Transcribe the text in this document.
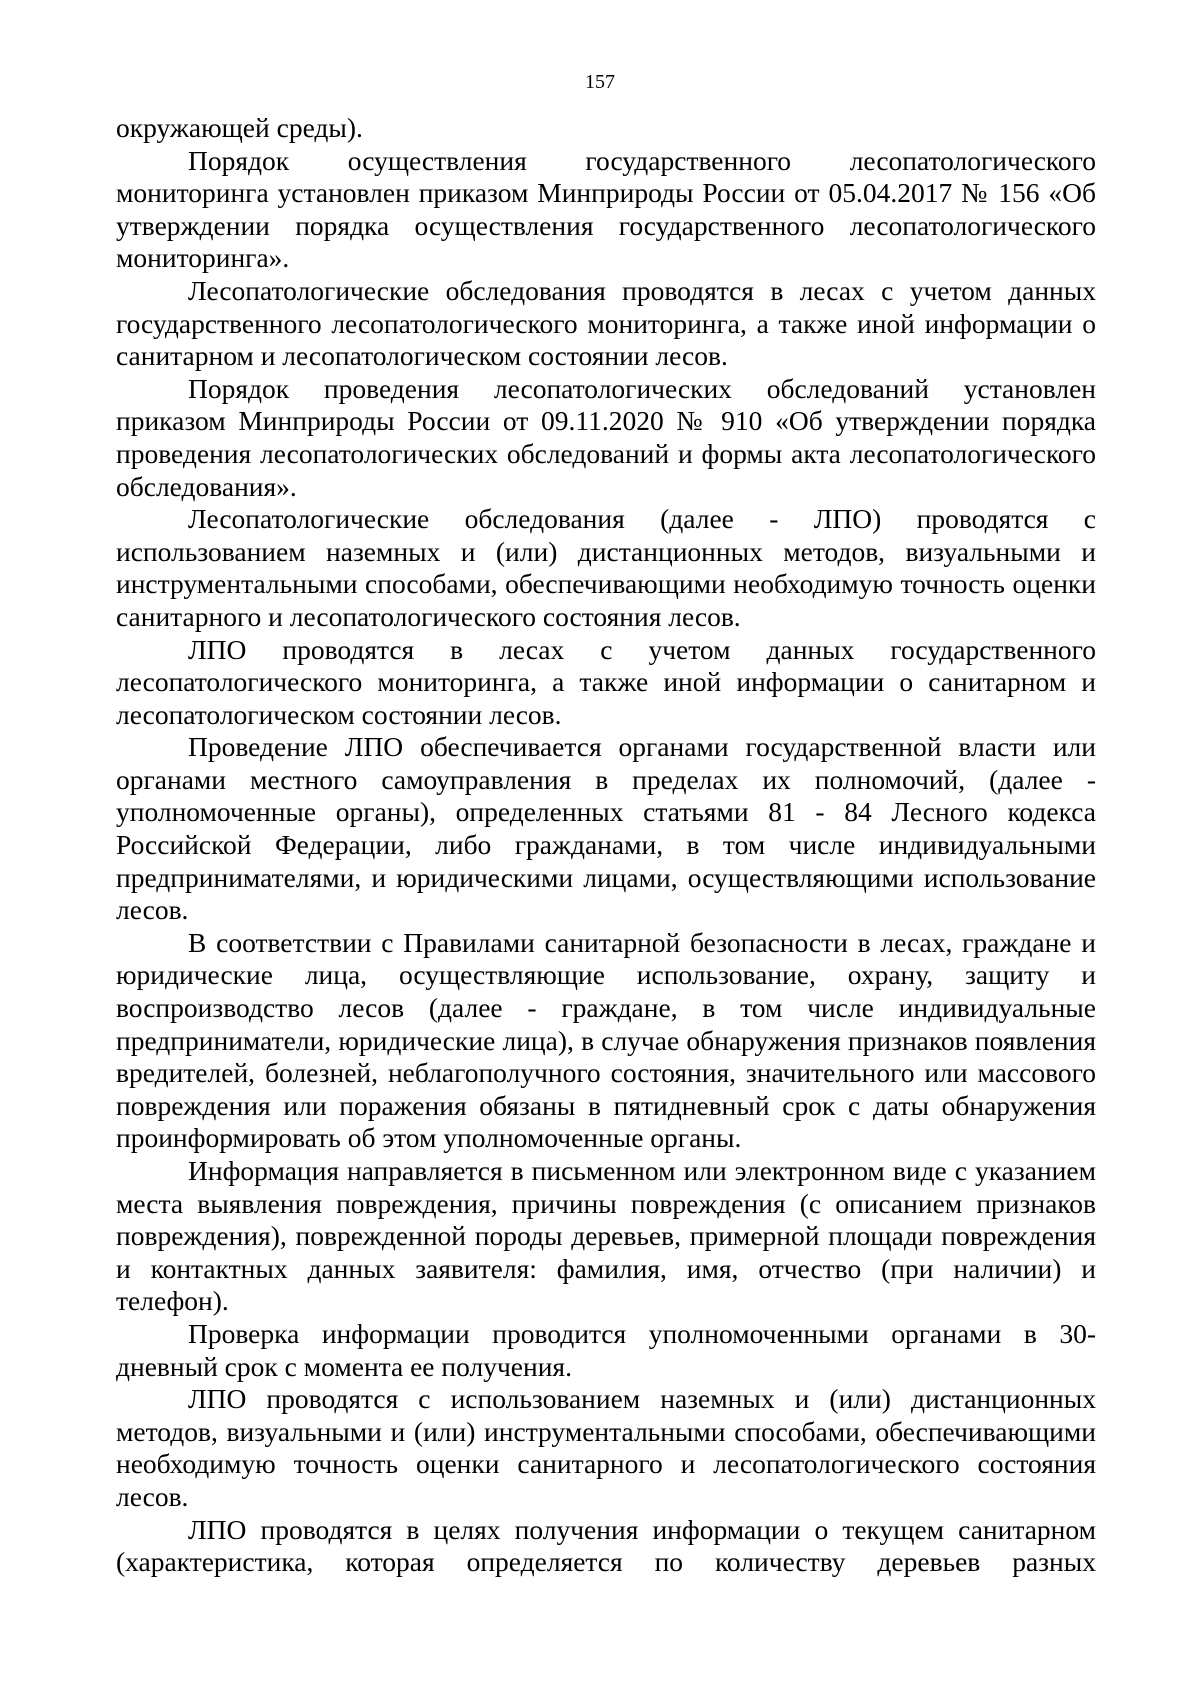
157

окружающей среды).

Порядок осуществления государственного лесопатологического мониторинга установлен приказом Минприроды России от 05.04.2017 № 156 «Об утверждении порядка осуществления государственного лесопатологического мониторинга».

Лесопатологические обследования проводятся в лесах с учетом данных государственного лесопатологического мониторинга, а также иной информации о санитарном и лесопатологическом состоянии лесов.

Порядок проведения лесопатологических обследований установлен приказом Минприроды России от 09.11.2020 № 910 «Об утверждении порядка проведения лесопатологических обследований и формы акта лесопатологического обследования».

Лесопатологические обследования (далее - ЛПО) проводятся с использованием наземных и (или) дистанционных методов, визуальными и инструментальными способами, обеспечивающими необходимую точность оценки санитарного и лесопатологического состояния лесов.

ЛПО проводятся в лесах с учетом данных государственного лесопатологического мониторинга, а также иной информации о санитарном и лесопатологическом состоянии лесов.

Проведение ЛПО обеспечивается органами государственной власти или органами местного самоуправления в пределах их полномочий, (далее - уполномоченные органы), определенных статьями 81 - 84 Лесного кодекса Российской Федерации, либо гражданами, в том числе индивидуальными предпринимателями, и юридическими лицами, осуществляющими использование лесов.

В соответствии с Правилами санитарной безопасности в лесах, граждане и юридические лица, осуществляющие использование, охрану, защиту и воспроизводство лесов (далее - граждане, в том числе индивидуальные предприниматели, юридические лица), в случае обнаружения признаков появления вредителей, болезней, неблагополучного состояния, значительного или массового повреждения или поражения обязаны в пятидневный срок с даты обнаружения проинформировать об этом уполномоченные органы.

Информация направляется в письменном или электронном виде с указанием места выявления повреждения, причины повреждения (с описанием признаков повреждения), поврежденной породы деревьев, примерной площади повреждения и контактных данных заявителя: фамилия, имя, отчество (при наличии) и телефон).

Проверка информации проводится уполномоченными органами в 30-дневный срок с момента ее получения.

ЛПО проводятся с использованием наземных и (или) дистанционных методов, визуальными и (или) инструментальными способами, обеспечивающими необходимую точность оценки санитарного и лесопатологического состояния лесов.

ЛПО проводятся в целях получения информации о текущем санитарном (характеристика, которая определяется по количеству деревьев разных
